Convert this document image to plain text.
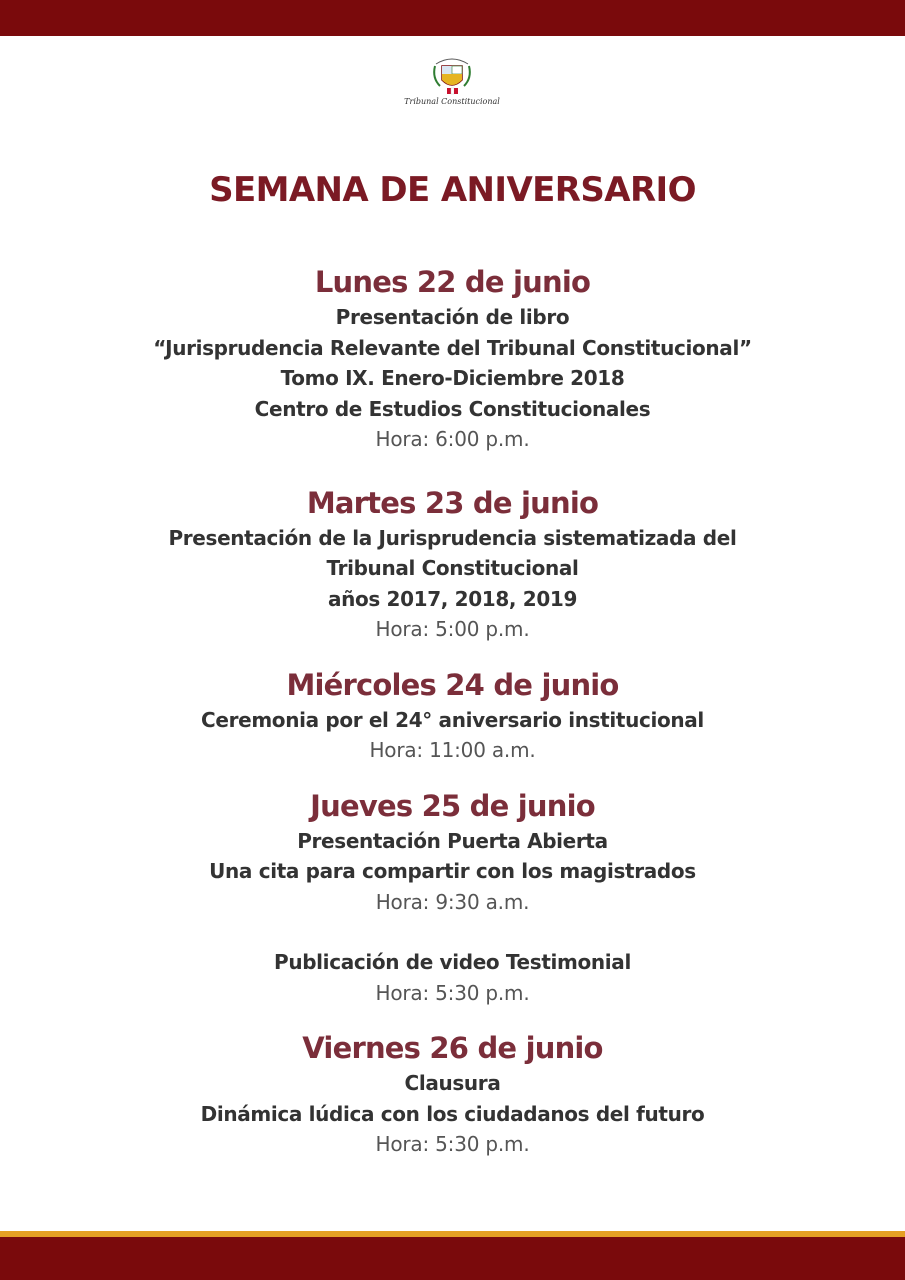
Tribunal Constitucional
SEMANA DE ANIVERSARIO
Lunes 22 de junio
Presentación de libro
“Jurisprudencia Relevante del Tribunal Constitucional”
Tomo IX. Enero-Diciembre 2018
Centro de Estudios Constitucionales
Hora: 6:00 p.m.
Martes 23 de junio
Presentación de la Jurisprudencia sistematizada del
Tribunal Constitucional
años 2017, 2018, 2019
Hora: 5:00 p.m.
Miércoles 24 de junio
Ceremonia por el 24° aniversario institucional
Hora: 11:00 a.m.
Jueves 25 de junio
Presentación Puerta Abierta
Una cita para compartir con los magistrados
Hora: 9:30 a.m.
Publicación de video Testimonial
Hora: 5:30 p.m.
Viernes 26 de junio
Clausura
Dinámica lúdica con los ciudadanos del futuro
Hora: 5:30 p.m.
